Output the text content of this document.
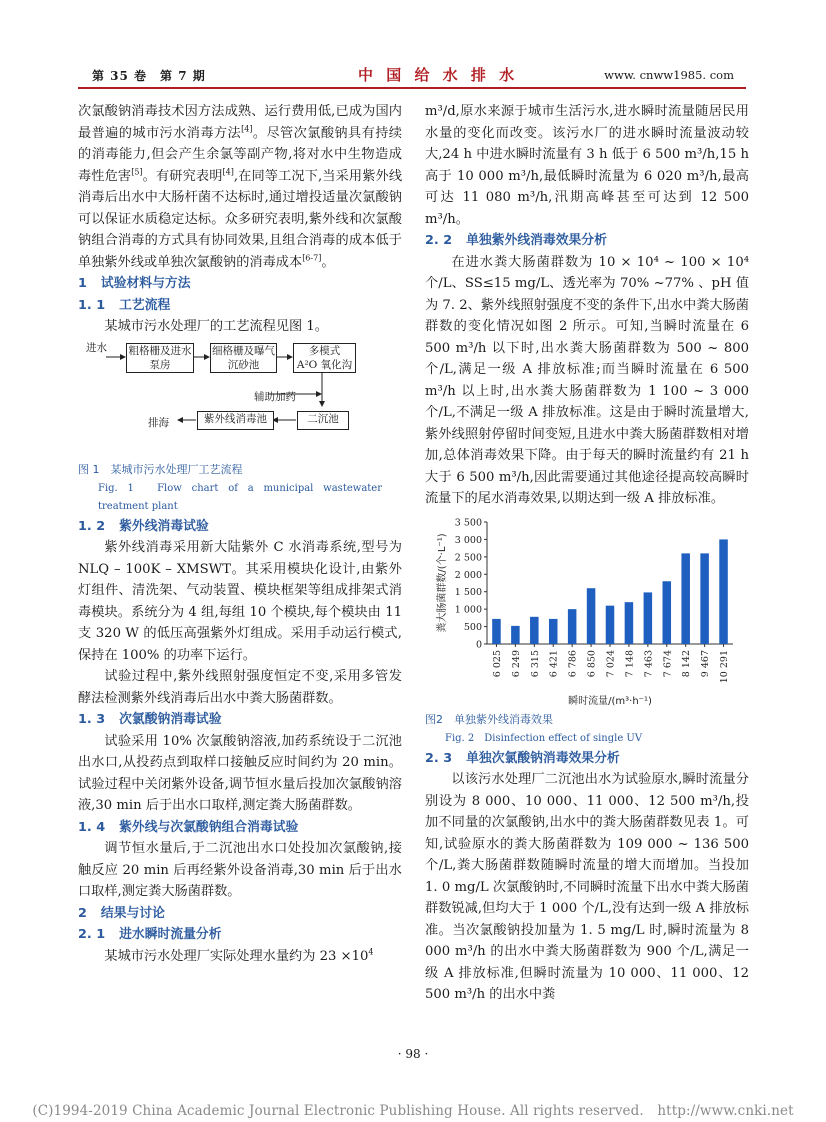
第 35 卷　第 7 期	中 国 给 水 排 水	www. cnww1985. com

次氯酸钠消毒技术因方法成熟、运行费用低,已成为国内最普遍的城市污水消毒方法[4]。尽管次氯酸钠具有持续的消毒能力,但会产生余氯等副产物,将对水中生物造成毒性危害[5]。有研究表明[4],在同等工况下,当采用紫外线消毒后出水中大肠杆菌不达标时,通过增投适量次氯酸钠可以保证水质稳定达标。众多研究表明,紫外线和次氯酸钠组合消毒的方式具有协同效果,且组合消毒的成本低于单独紫外线或单独次氯酸钠的消毒成本[6-7]。

1 试验材料与方法

1. 1 工艺流程

某城市污水处理厂的工艺流程见图 1。

进水 粗格栅及进水泵房
细格栅及曝气沉砂池
多模式
A²O 氧化沟
辅助加药
二沉池
紫外线消毒池
排海

图 1　某城市污水处理厂工艺流程

Fig. 1　Flow chart of a municipal wastewater treatment plant

1. 2 紫外线消毒试验

紫外线消毒采用新大陆紫外 C 水消毒系统,型号为 NLQ – 100K – XMSWT。其采用模块化设计,由紫外灯组件、清洗架、气动装置、模块框架等组成排架式消毒模块。系统分为 4 组,每组 10 个模块,每个模块由 11 支 320 W 的低压高强紫外灯组成。采用手动运行模式,保持在 100% 的功率下运行。

试验过程中,紫外线照射强度恒定不变,采用多管发酵法检测紫外线消毒后出水中粪大肠菌群数。

1. 3 次氯酸钠消毒试验

试验采用 10% 次氯酸钠溶液,加药系统设于二沉池出水口,从投药点到取样口接触反应时间约为 20 min。试验过程中关闭紫外设备,调节恒水量后投加次氯酸钠溶液,30 min 后于出水口取样,测定粪大肠菌群数。

1. 4 紫外线与次氯酸钠组合消毒试验

调节恒水量后,于二沉池出水口处投加次氯酸钠,接触反应 20 min 后再经紫外设备消毒,30 min 后于出水口取样,测定粪大肠菌群数。

2 结果与讨论

2. 1 进水瞬时流量分析

某城市污水处理厂实际处理水量约为 $23 \times 10^4$

m³/d,原水来源于城市生活污水,进水瞬时流量随居民用水量的变化而改变。该污水厂的进水瞬时流量波动较大,24 h 中进水瞬时流量有 3 h 低于 6 500 m³/h,15 h 高于 10 000 m³/h,最低瞬时流量为 6 020 m³/h,最高可达 11 080 m³/h,汛期高峰甚至可达到 12 500 m³/h。

2. 2 单独紫外线消毒效果分析

在进水粪大肠菌群数为 10 × 10⁴ ~ 100 × 10⁴ 个/L、SS≤15 mg/L、透光率为 70% ~77% 、pH 值为 7. 2、紫外线照射强度不变的条件下,出水中粪大肠菌群数的变化情况如图 2 所示。可知,当瞬时流量在 6 500 m³/h 以下时,出水粪大肠菌群数为 500 ~ 800 个/L,满足一级 A 排放标准;而当瞬时流量在 6 500 m³/h 以上时,出水粪大肠菌群数为 1 100 ~ 3 000 个/L,不满足一级 A 排放标准。这是由于瞬时流量增大,紫外线照射停留时间变短,且进水中粪大肠菌群数相对增加,总体消毒效果下降。由于每天的瞬时流量约有 21 h 大于 6 500 m³/h,因此需要通过其他途径提高较高瞬时流量下的尾水消毒效果,以期达到一级 A 排放标准。

0
500
1 000
1 500
2 000
2 500
3 000
3 500
6 025 6 249 6 315 6 421 6 786 6 850 7 024 7 148 7 463 7 674 8 142 9 467 10 291
粪大肠菌群数/(个·L⁻¹)
瞬时流量/(m³·h⁻¹)

图2　单独紫外线消毒效果

Fig. 2　Disinfection effect of single UV

2. 3 单独次氯酸钠消毒效果分析

以该污水处理厂二沉池出水为试验原水,瞬时流量分别设为 8 000、10 000、11 000、12 500 m³/h,投加不同量的次氯酸钠,出水中的粪大肠菌群数见表 1。可知,试验原水的粪大肠菌群数为 109 000 ~ 136 500 个/L,粪大肠菌群数随瞬时流量的增大而增加。当投加 1. 0 mg/L 次氯酸钠时,不同瞬时流量下出水中粪大肠菌群数锐减,但均大于 1 000 个/L,没有达到一级 A 排放标准。当次氯酸钠投加量为 1. 5 mg/L 时,瞬时流量为 8 000 m³/h 的出水中粪大肠菌群数为 900 个/L,满足一级 A 排放标准,但瞬时流量为 10 000、11 000、12 500 m³/h 的出水中粪

· 98 ·
(C)1994-2019 China Academic Journal Electronic Publishing House. All rights reserved.　http://www.cnki.net
